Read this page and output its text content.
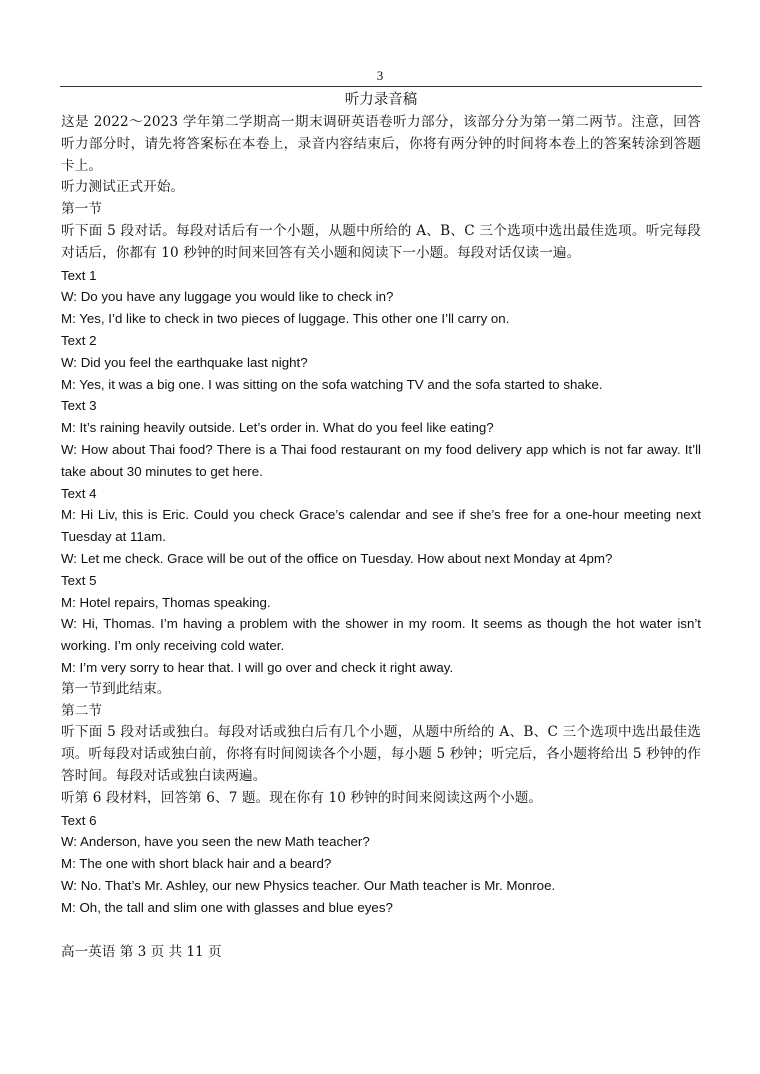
3

听力录音稿

这是 2022～2023 学年第二学期高一期末调研英语卷听力部分，该部分分为第一第二两节。注意，回答听力部分时，请先将答案标在本卷上，录音内容结束后，你将有两分钟的时间将本卷上的答案转涂到答题卡上。

听力测试正式开始。

第一节

听下面 5 段对话。每段对话后有一个小题，从题中所给的 A、B、C 三个选项中选出最佳选项。听完每段对话后，你都有 10 秒钟的时间来回答有关小题和阅读下一小题。每段对话仅读一遍。

Text 1

W: Do you have any luggage you would like to check in?

M: Yes, I’d like to check in two pieces of luggage. This other one I’ll carry on.

Text 2

W: Did you feel the earthquake last night?

M: Yes, it was a big one. I was sitting on the sofa watching TV and the sofa started to shake.

Text 3

M: It’s raining heavily outside. Let’s order in. What do you feel like eating?

W: How about Thai food? There is a Thai food restaurant on my food delivery app which is not far away. It’ll take about 30 minutes to get here.

Text 4

M: Hi Liv, this is Eric. Could you check Grace’s calendar and see if she’s free for a one-hour meeting next Tuesday at 11am.

W: Let me check. Grace will be out of the office on Tuesday. How about next Monday at 4pm?

Text 5

M: Hotel repairs, Thomas speaking.

W: Hi, Thomas. I’m having a problem with the shower in my room. It seems as though the hot water isn’t working. I’m only receiving cold water.

M: I’m very sorry to hear that. I will go over and check it right away.

第一节到此结束。

第二节

听下面 5 段对话或独白。每段对话或独白后有几个小题，从题中所给的 A、B、C 三个选项中选出最佳选项。听每段对话或独白前，你将有时间阅读各个小题，每小题 5 秒钟；听完后，各小题将给出 5 秒钟的作答时间。每段对话或独白读两遍。

听第 6 段材料，回答第 6、7 题。现在你有 10 秒钟的时间来阅读这两个小题。

Text 6

W: Anderson, have you seen the new Math teacher?

M: The one with short black hair and a beard?

W: No. That’s Mr. Ashley, our new Physics teacher. Our Math teacher is Mr. Monroe.

M: Oh, the tall and slim one with glasses and blue eyes?

高一英语 第 3 页 共 11 页
